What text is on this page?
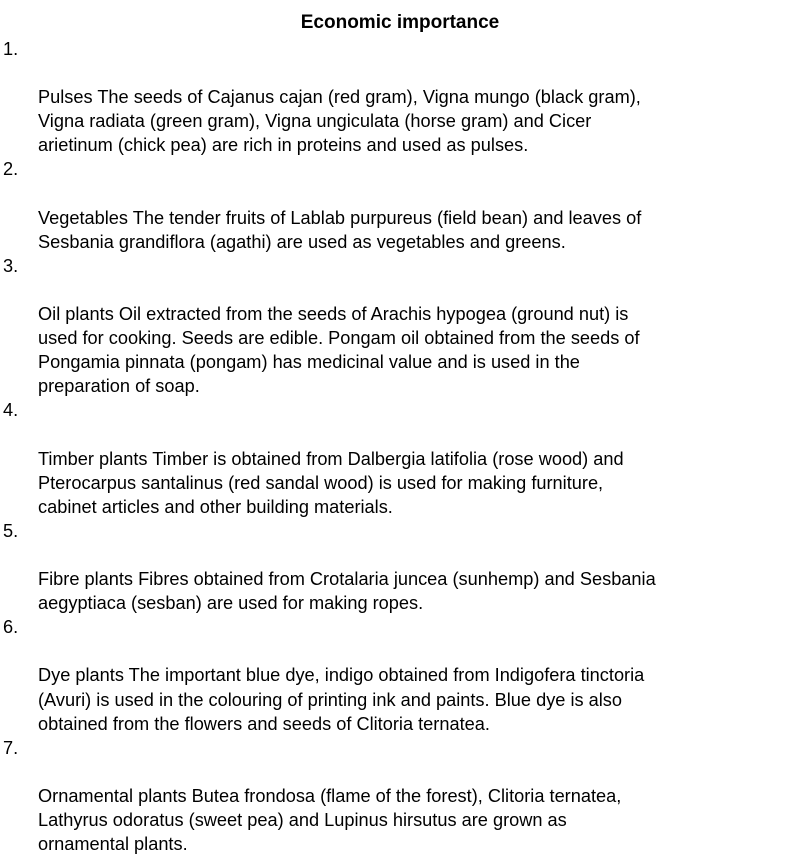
Economic importance

1.

Pulses The seeds of Cajanus cajan (red gram), Vigna mungo (black gram),
Vigna radiata (green gram), Vigna ungiculata (horse gram) and Cicer
arietinum (chick pea) are rich in proteins and used as pulses.

2.

Vegetables The tender fruits of Lablab purpureus (field bean) and leaves of
Sesbania grandiflora (agathi) are used as vegetables and greens.

3.

Oil plants Oil extracted from the seeds of Arachis hypogea (ground nut) is
used for cooking. Seeds are edible. Pongam oil obtained from the seeds of
Pongamia pinnata (pongam) has medicinal value and is used in the
preparation of soap.

4.

Timber plants Timber is obtained from Dalbergia latifolia (rose wood) and
Pterocarpus santalinus (red sandal wood) is used for making furniture,
cabinet articles and other building materials.

5.

Fibre plants Fibres obtained from Crotalaria juncea (sunhemp) and Sesbania
aegyptiaca (sesban) are used for making ropes.

6.

Dye plants The important blue dye, indigo obtained from Indigofera tinctoria
(Avuri) is used in the colouring of printing ink and paints. Blue dye is also
obtained from the flowers and seeds of Clitoria ternatea.

7.

Ornamental plants Butea frondosa (flame of the forest), Clitoria ternatea,
Lathyrus odoratus (sweet pea) and Lupinus hirsutus are grown as
ornamental plants.
